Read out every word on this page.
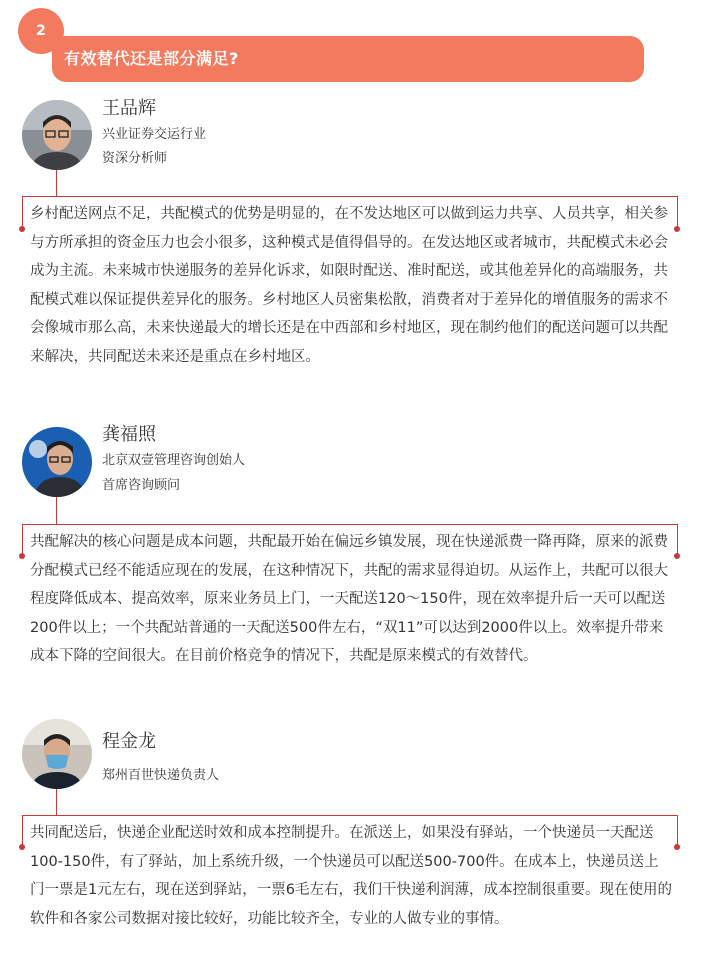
有效替代还是部分满足?
2
王品辉
兴业证券交运行业
资深分析师

乡村配送网点不足，共配模式的优势是明显的，在不发达地区可以做到运力共享、人员共享，相关参与方所承担的资金压力也会小很多，这种模式是值得倡导的。在发达地区或者城市，共配模式未必会成为主流。未来城市快递服务的差异化诉求，如限时配送、准时配送，或其他差异化的高端服务，共配模式难以保证提供差异化的服务。乡村地区人员密集松散，消费者对于差异化的增值服务的需求不会像城市那么高，未来快递最大的增长还是在中西部和乡村地区，现在制约他们的配送问题可以共配来解决，共同配送未来还是重点在乡村地区。

龚福照
北京双壹管理咨询创始人
首席咨询顾问

共配解决的核心问题是成本问题，共配最开始在偏远乡镇发展，现在快递派费一降再降，原来的派费分配模式已经不能适应现在的发展，在这种情况下，共配的需求显得迫切。从运作上，共配可以很大程度降低成本、提高效率，原来业务员上门，一天配送120～150件，现在效率提升后一天可以配送200件以上；一个共配站普通的一天配送500件左右，“双11”可以达到2000件以上。效率提升带来成本下降的空间很大。在目前价格竞争的情况下，共配是原来模式的有效替代。

程金龙
郑州百世快递负责人

共同配送后，快递企业配送时效和成本控制提升。在派送上，如果没有驿站，一个快递员一天配送100-150件，有了驿站，加上系统升级，一个快递员可以配送500-700件。在成本上，快递员送上门一票是1元左右，现在送到驿站，一票6毛左右，我们干快递利润薄，成本控制很重要。现在使用的软件和各家公司数据对接比较好，功能比较齐全，专业的人做专业的事情。
